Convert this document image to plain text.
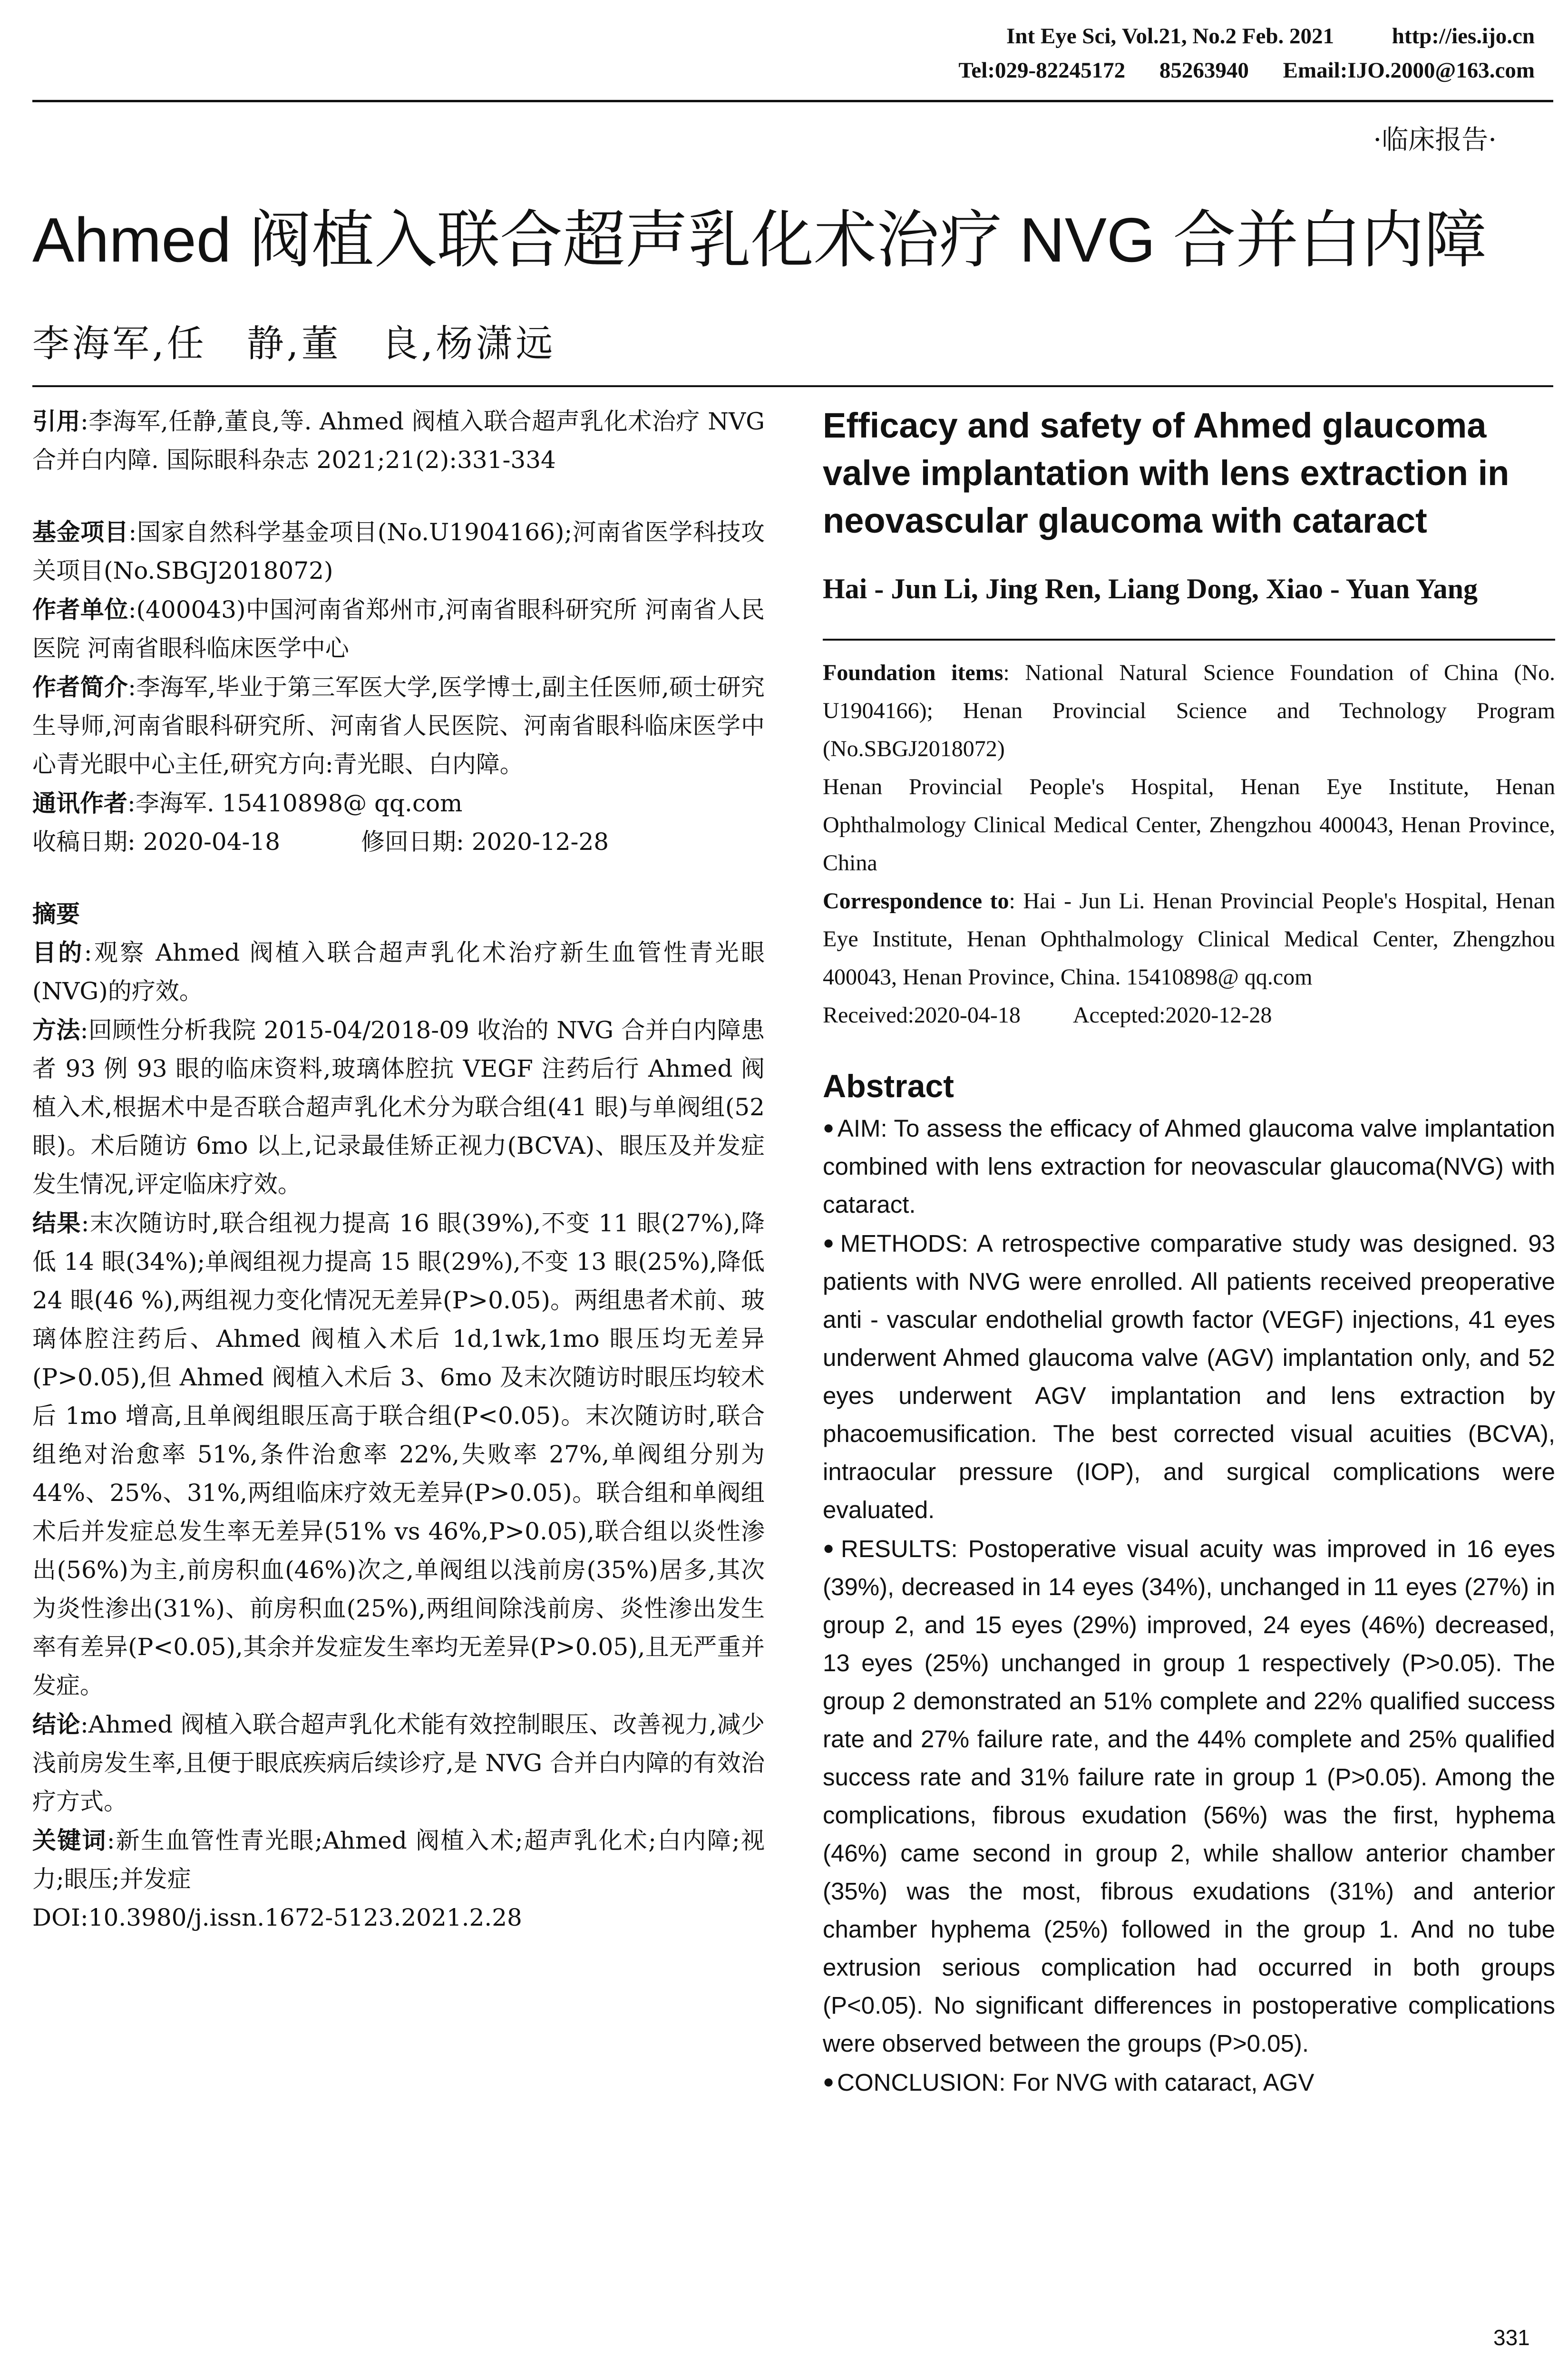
Int Eye Sci, Vol.21, No.2 Feb. 2021	http://ies.ijo.cn
Tel:029-82245172 85263940 Email:IJO.2000@163.com
·临床报告·
Ahmed 阀植入联合超声乳化术治疗 NVG 合并白内障
李海军,任　静,董　良,杨潇远

引用:李海军,任静,董良,等. Ahmed 阀植入联合超声乳化术治疗 NVG 合并白内障. 国际眼科杂志 2021;21(2):331-334

基金项目:国家自然科学基金项目(No.U1904166);河南省医学科技攻关项目(No.SBGJ2018072)

作者单位:(400043)中国河南省郑州市,河南省眼科研究所 河南省人民医院 河南省眼科临床医学中心

作者简介:李海军,毕业于第三军医大学,医学博士,副主任医师,硕士研究生导师,河南省眼科研究所、河南省人民医院、河南省眼科临床医学中心青光眼中心主任,研究方向:青光眼、白内障。

通讯作者:李海军. 15410898@ qq.com

收稿日期: 2020-04-18	修回日期: 2020-12-28

摘要

目的:观察 Ahmed 阀植入联合超声乳化术治疗新生血管性青光眼(NVG)的疗效。

方法:回顾性分析我院 2015-04/2018-09 收治的 NVG 合并白内障患者 93 例 93 眼的临床资料,玻璃体腔抗 VEGF 注药后行 Ahmed 阀植入术,根据术中是否联合超声乳化术分为联合组(41 眼)与单阀组(52 眼)。术后随访 6mo 以上,记录最佳矫正视力(BCVA)、眼压及并发症发生情况,评定临床疗效。

结果:末次随访时,联合组视力提高 16 眼(39%),不变 11 眼(27%),降低 14 眼(34%);单阀组视力提高 15 眼(29%),不变 13 眼(25%),降低 24 眼(46 %),两组视力变化情况无差异(P>0.05)。两组患者术前、玻璃体腔注药后、Ahmed 阀植入术后 1d,1wk,1mo 眼压均无差异(P>0.05),但 Ahmed 阀植入术后 3、6mo 及末次随访时眼压均较术后 1mo 增高,且单阀组眼压高于联合组(P<0.05)。末次随访时,联合组绝对治愈率 51%,条件治愈率 22%,失败率 27%,单阀组分别为 44%、25%、31%,两组临床疗效无差异(P>0.05)。联合组和单阀组术后并发症总发生率无差异(51% vs 46%,P>0.05),联合组以炎性渗出(56%)为主,前房积血(46%)次之,单阀组以浅前房(35%)居多,其次为炎性渗出(31%)、前房积血(25%),两组间除浅前房、炎性渗出发生率有差异(P<0.05),其余并发症发生率均无差异(P>0.05),且无严重并发症。

结论:Ahmed 阀植入联合超声乳化术能有效控制眼压、改善视力,减少浅前房发生率,且便于眼底疾病后续诊疗,是 NVG 合并白内障的有效治疗方式。

关键词:新生血管性青光眼;Ahmed 阀植入术;超声乳化术;白内障;视力;眼压;并发症

DOI:10.3980/j.issn.1672-5123.2021.2.28

Efficacy and safety of Ahmed glaucoma valve implantation with lens extraction in neovascular glaucoma with cataract

Hai - Jun Li, Jing Ren, Liang Dong, Xiao - Yuan Yang

Foundation items: National Natural Science Foundation of China (No. U1904166); Henan Provincial Science and Technology Program (No.SBGJ2018072)

Henan Provincial People's Hospital, Henan Eye Institute, Henan Ophthalmology Clinical Medical Center, Zhengzhou 400043, Henan Province, China

Correspondence to: Hai - Jun Li. Henan Provincial People's Hospital, Henan Eye Institute, Henan Ophthalmology Clinical Medical Center, Zhengzhou 400043, Henan Province, China. 15410898@ qq.com

Received:2020-04-18 Accepted:2020-12-28

Abstract

● AIM: To assess the efficacy of Ahmed glaucoma valve implantation combined with lens extraction for neovascular glaucoma(NVG) with cataract.

● METHODS: A retrospective comparative study was designed. 93 patients with NVG were enrolled. All patients received preoperative anti - vascular endothelial growth factor (VEGF) injections, 41 eyes underwent Ahmed glaucoma valve (AGV) implantation only, and 52 eyes underwent AGV implantation and lens extraction by phacoemusification. The best corrected visual acuities (BCVA), intraocular pressure (IOP), and surgical complications were evaluated.

● RESULTS: Postoperative visual acuity was improved in 16 eyes (39%), decreased in 14 eyes (34%), unchanged in 11 eyes (27%) in group 2, and 15 eyes (29%) improved, 24 eyes (46%) decreased, 13 eyes (25%) unchanged in group 1 respectively (P>0.05). The group 2 demonstrated an 51% complete and 22% qualified success rate and 27% failure rate, and the 44% complete and 25% qualified success rate and 31% failure rate in group 1 (P>0.05). Among the complications, fibrous exudation (56%) was the first, hyphema (46%) came second in group 2, while shallow anterior chamber (35%) was the most, fibrous exudations (31%) and anterior chamber hyphema (25%) followed in the group 1. And no tube extrusion serious complication had occurred in both groups (P<0.05). No significant differences in postoperative complications were observed between the groups (P>0.05).

● CONCLUSION: For NVG with cataract, AGV

331
